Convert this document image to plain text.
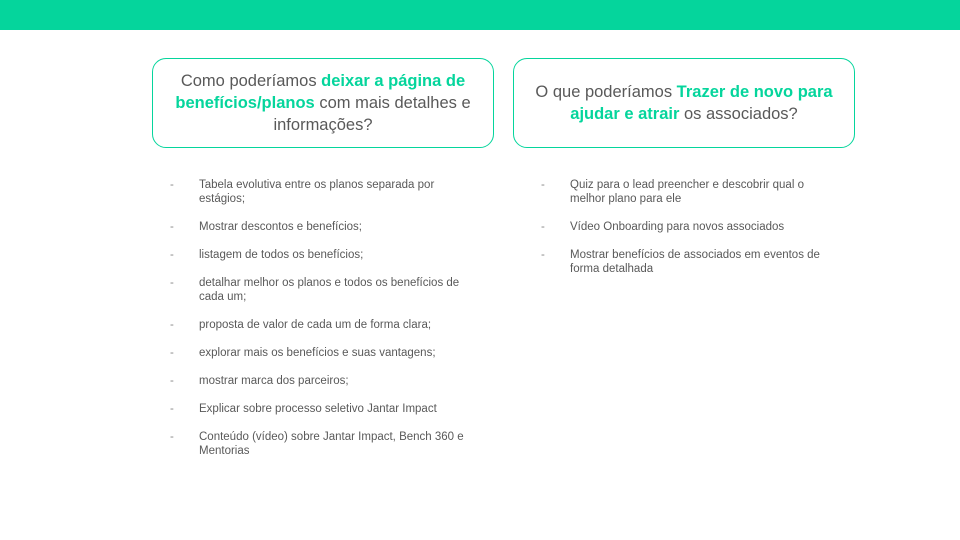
Como poderíamos deixar a página de benefícios/planos com mais detalhes e informações?
O que poderíamos Trazer de novo para ajudar e atrair os associados?
- Tabela evolutiva entre os planos separada por estágios;
- Mostrar descontos e benefícios;
- listagem de todos os benefícios;
- detalhar melhor os planos e todos os benefícios de cada um;
- proposta de valor de cada um de forma clara;
- explorar mais os benefícios e suas vantagens;
- mostrar marca dos parceiros;
- Explicar sobre processo seletivo Jantar Impact
- Conteúdo (vídeo) sobre Jantar Impact, Bench 360 e Mentorias
- Quiz para o lead preencher e descobrir qual o melhor plano para ele
- Vídeo Onboarding para novos associados
- Mostrar benefícios de associados em eventos de forma detalhada
